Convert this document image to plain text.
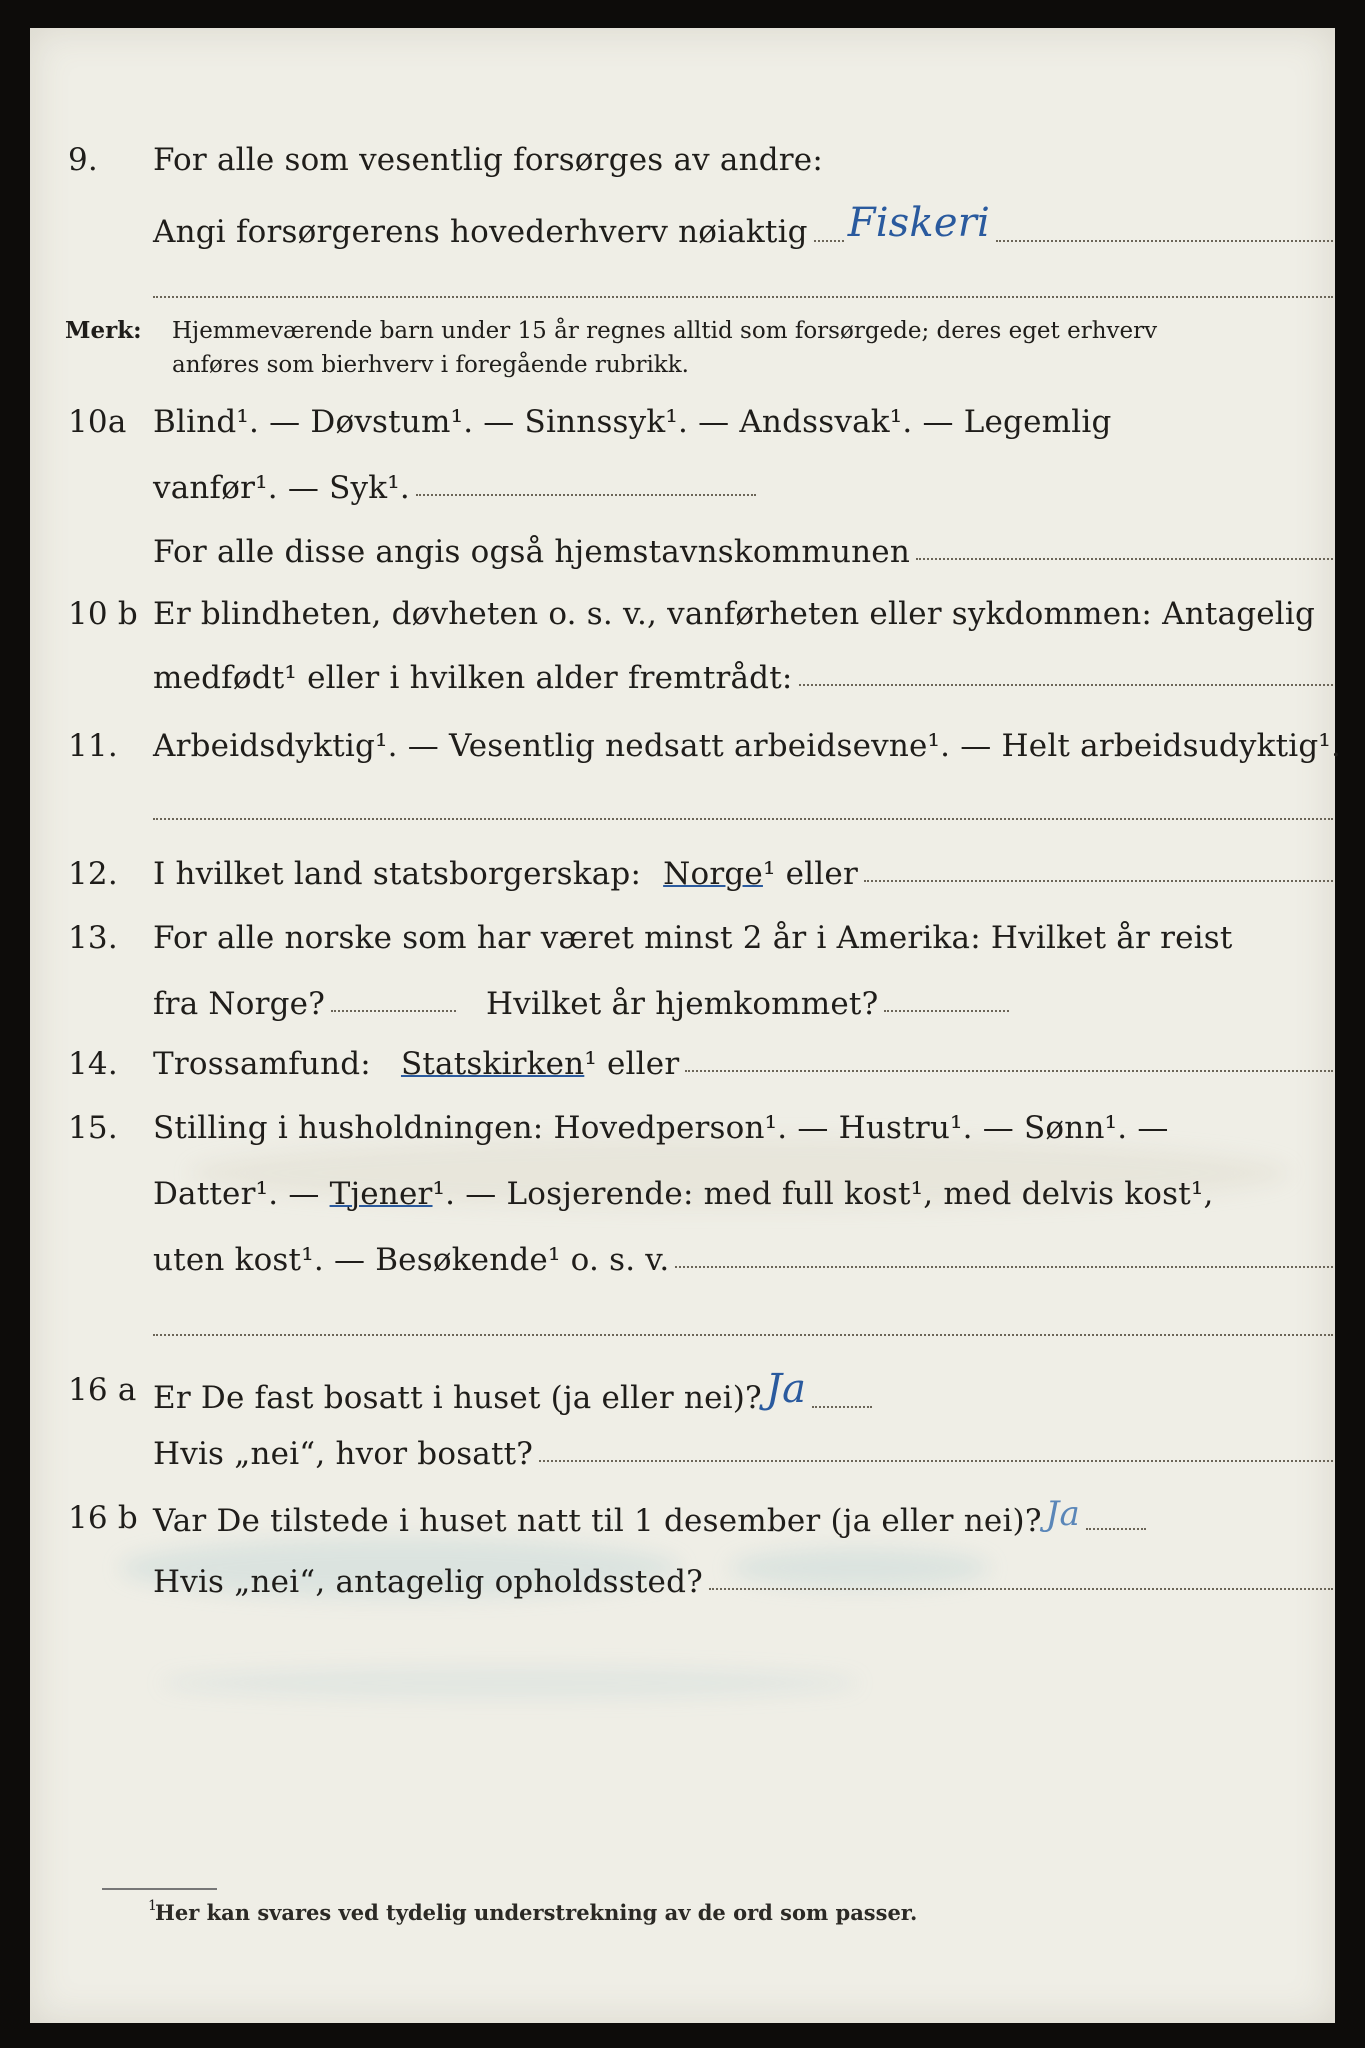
9. For alle som vesentlig forsørges av andre:
Angi forsørgerens hovederhverv nøiaktig Fiskeri
Merk: Hjemmeværende barn under 15 år regnes alltid som forsørgede; deres eget erhverv
anføres som bierhverv i foregående rubrikk.
10a Blind¹. — Døvstum¹. — Sinnssyk¹. — Andssvak¹. — Legemlig
vanfør¹. — Syk¹.
For alle disse angis også hjemstavnskommunen
10 b Er blindheten, døvheten o. s. v., vanførheten eller sykdommen: Antagelig
medfødt¹ eller i hvilken alder fremtrådt:
11. Arbeidsdyktig¹. — Vesentlig nedsatt arbeidsevne¹. — Helt arbeidsudyktig¹.
12. I hvilket land statsborgerskap: Norge ¹ eller
13. For alle norske som har været minst 2 år i Amerika: Hvilket år reist
fra Norge?	Hvilket år hjemkommet?
14. Trossamfund: Statskirken ¹ eller
15. Stilling i husholdningen: Hovedperson¹. — Hustru¹. — Sønn¹. —
Datter¹. — Tjener ¹. — Losjerende: med full kost¹, med delvis kost¹,
uten kost¹. — Besøkende¹ o. s. v.
16 a Er De fast bosatt i huset (ja eller nei)? Ja
Hvis „nei“, hvor bosatt?
16 b Var De tilstede i huset natt til 1 desember (ja eller nei)? Ja
Hvis „nei“, antagelig opholdssted?
1
Her kan svares ved tydelig understrekning av de ord som passer.
